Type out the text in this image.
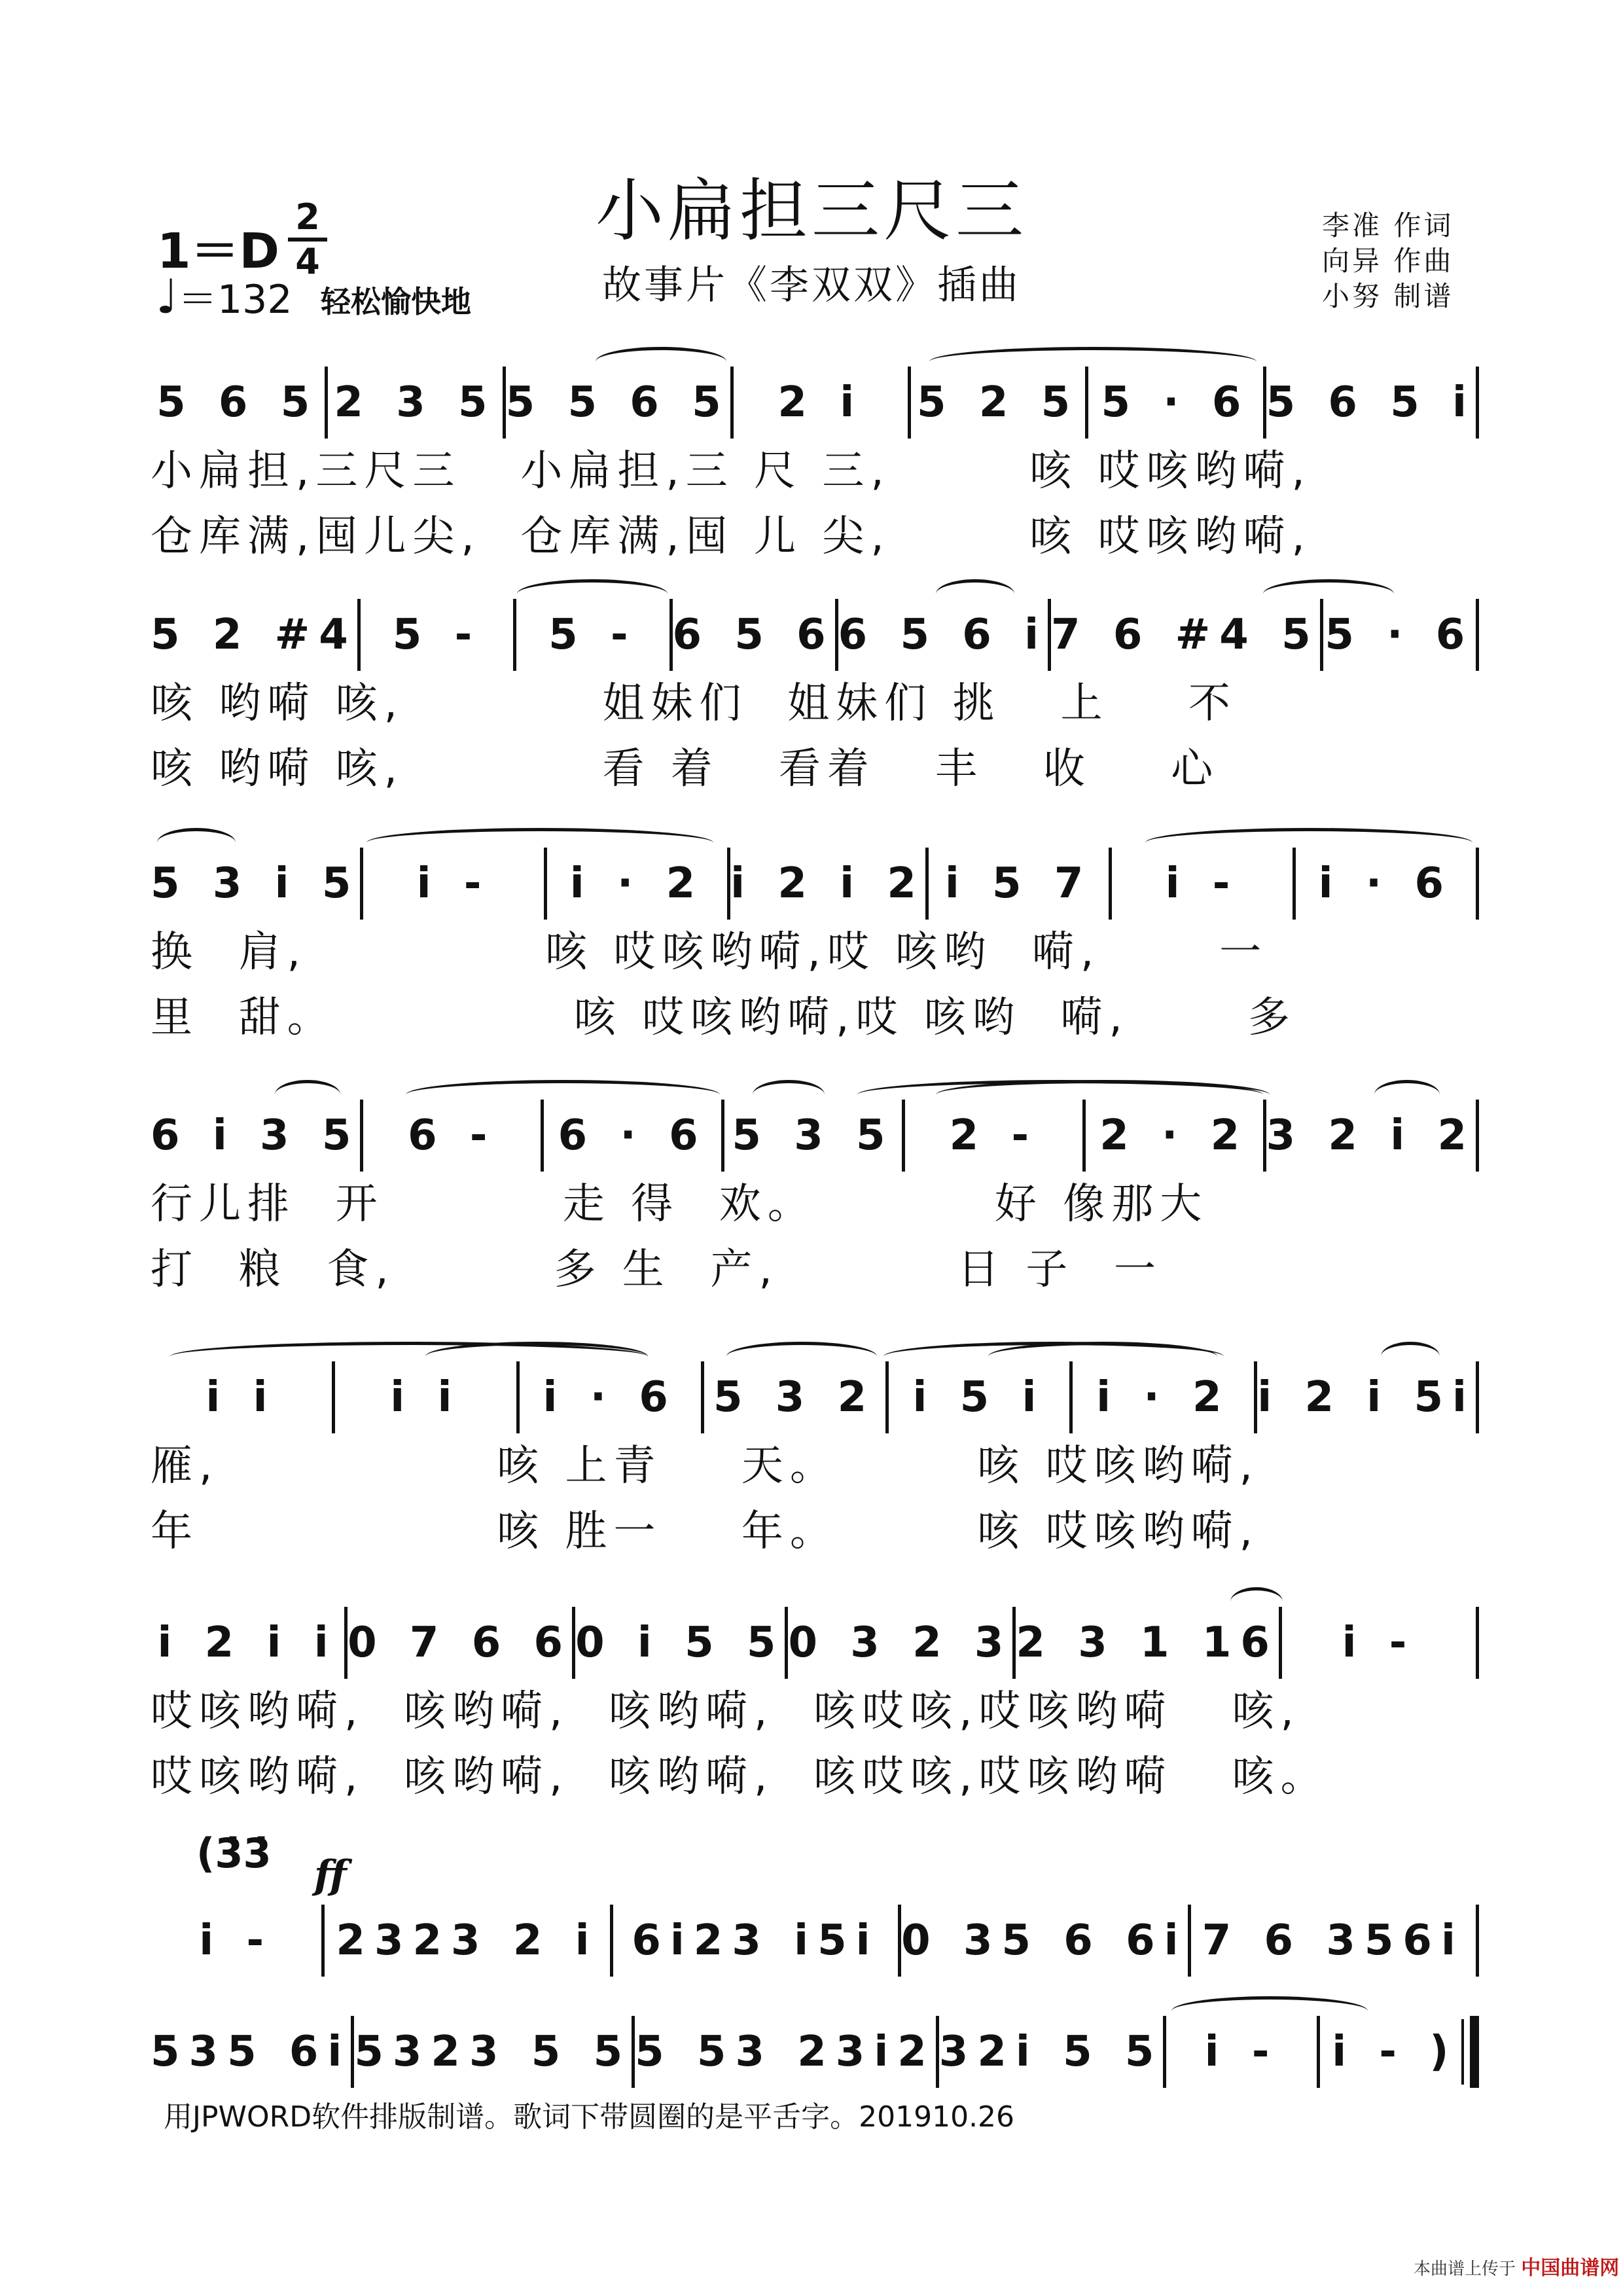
小扁担三尺三
故事片《李双双》插曲
1＝D
2
4
♩＝132 轻松愉快地
李准 作词
向异 作曲
小努 制谱
5 6 5 2 3 5 5 5 6 5	2 i	5 2 5 5 · 6 5 6 5 i
小扁担,三尺三   小扁担,三 尺 三,       咳 哎咳哟嗬,
仓库满,囤儿尖,  仓库满,囤 儿 尖,       咳 哎咳哟嗬,
5 2 #4 5 -	5 - 6 5 6 6 5 6 i 7 6 #4 5 5 · 6
咳 哟嗬 咳,          姐妹们  姐妹们 挑   上    不
咳 哟嗬 咳,          看 着   看着   丰   收    心
5 3 i 5	i -	i · 2 i 2 i 2 i 5 7	i -	i · 6
换  肩,            咳 哎咳哟嗬,哎 咳哟  嗬,      一
里  甜。            咳 哎咳哟嗬,哎 咳哟  嗬,      多
6 i 3 5	6 -	6 · 6 5 3 5	2 -	2 · 2 3 2 i 2
行儿排  开         走 得  欢。         好 像那大
打  粮  食,        多 生  产,         日 子  一
i i	i i	i · 6 5 3 2 i 5 i	i · 2 i 2 i 5i
雁,              咳 上青    天。       咳 哎咳哟嗬,
年               咳 胜一    年。       咳 哎咳哟嗬,
i 2 i i 0 7 6 6 0 i 5 5 0 3 2 3 2 3 1 16	i -
哎咳哟嗬,  咳哟嗬,  咳哟嗬,  咳哎咳,哎咳哟嗬   咳,
哎咳哟嗬,  咳哟嗬,  咳哟嗬,  咳哎咳,哎咳哟嗬   咳。
(3̇3̇ ff
i -	2323 2 i 6i23 i5i 0 35 6 6i 7 6 356i
535 6i 5323 5 5 5 53 23i2 32i 5 5 i -	i - )
用JPWORD软件排版制谱。歌词下带圆圈的是平舌字。201910.26
本曲谱上传于 中国曲谱网
